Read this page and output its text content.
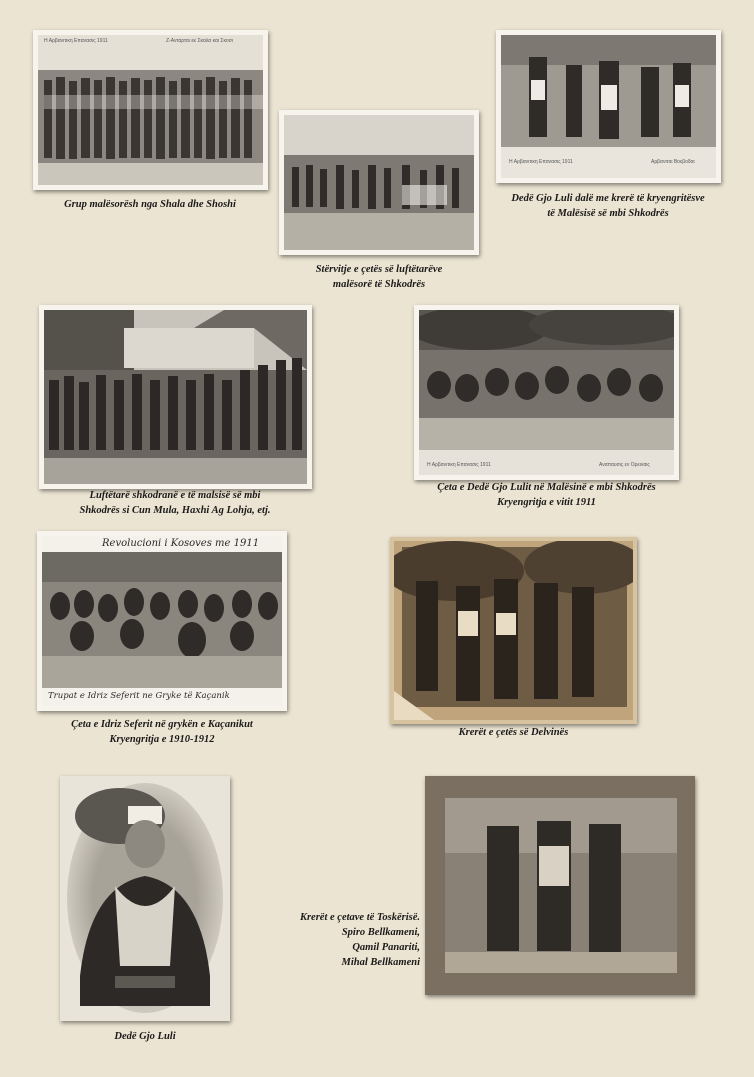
Η Αρβανιτικη Επανασις 1911	Ζ-Ανταρται εκ Σκαλα και Σκοσι
Grup malësorësh nga Shala dhe Shoshi
Stërvitje e çetës së luftëtarëve
malësorë të Shkodrës
Η Αρβανιτικη Επανασις 1911	Αρβανιται Βοεβοδαι
Dedë Gjo Luli dalë me krerë të kryengritësve
të Malësisë së mbi Shkodrës
Luftëtarë shkodranë e të malsisë së mbi
Shkodrës si Cun Mula, Haxhi Ag Lohja, etj.
Η Αρβανιτικη Επανασις 1911	Αναπαυσις εν Ορειναις
Çeta e Dedë Gjo Lulit në Malësinë e mbi Shkodrës
Kryengritja e vitit 1911
Revolucioni i Kosoves me 1911
Trupat e Idriz Seferit ne Gryke të Kaçanik
Çeta e Idriz Seferit në grykën e Kaçanikut
Kryengritja e 1910-1912
Krerët e çetës së Delvinës
Dedë Gjo Luli
Krerët e çetave të Toskërisë.
Spiro Bellkameni,
Qamil Panariti,
Mihal Bellkameni
